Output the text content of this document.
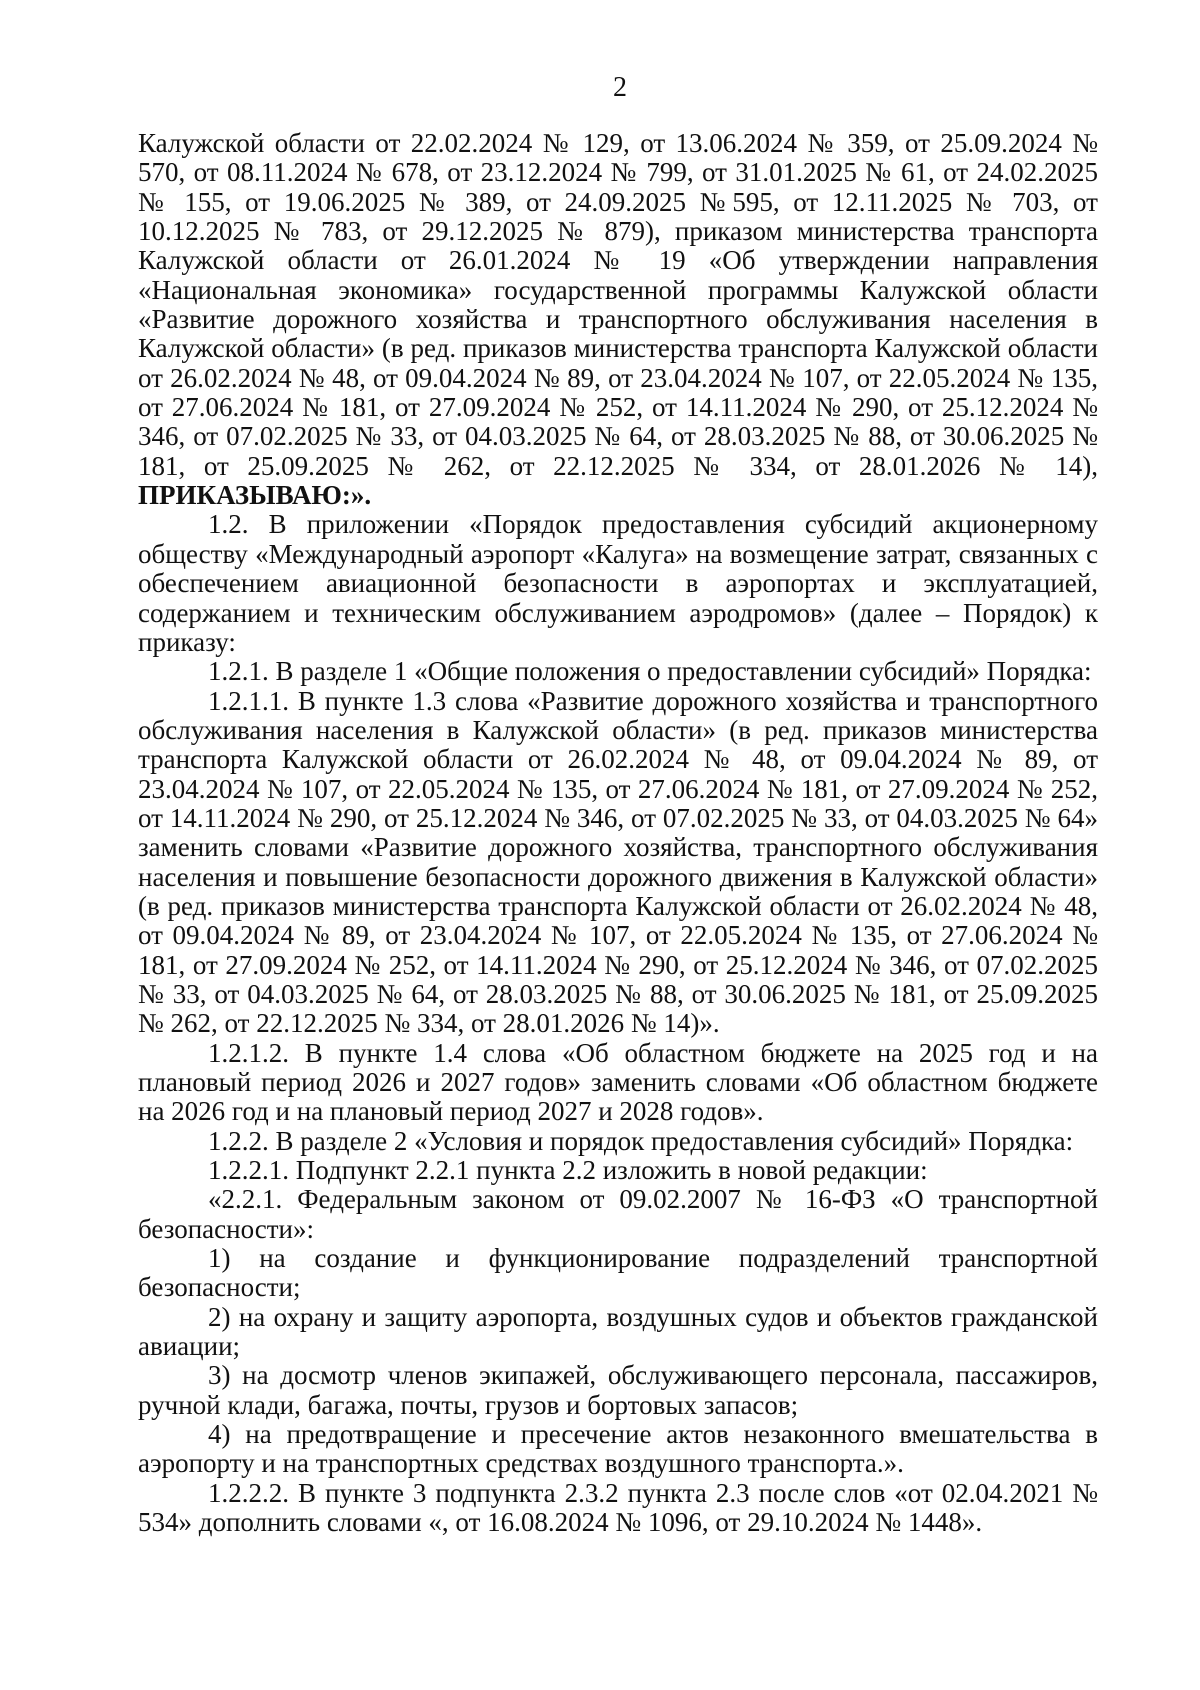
2

Калужской области от 22.02.2024 № 129, от 13.06.2024 № 359, от 25.09.2024 № 570, от 08.11.2024 № 678, от 23.12.2024 № 799, от 31.01.2025 № 61, от 24.02.2025 № 155, от 19.06.2025 № 389, от 24.09.2025 №595, от 12.11.2025 № 703, от 10.12.2025 № 783, от 29.12.2025 № 879), приказом министерства транспорта Калужской области от 26.01.2024 № 19 «Об утверждении направления «Национальная экономика» государственной программы Калужской области «Развитие дорожного хозяйства и транспортного обслуживания населения в Калужской области» (в ред. приказов министерства транспорта Калужской области от 26.02.2024 № 48, от 09.04.2024 № 89, от 23.04.2024 № 107, от 22.05.2024 № 135, от 27.06.2024 № 181, от 27.09.2024 № 252, от 14.11.2024 № 290, от 25.12.2024 № 346, от 07.02.2025 № 33, от 04.03.2025 № 64, от 28.03.2025 № 88, от 30.06.2025 № 181, от 25.09.2025 № 262, от 22.12.2025 № 334, от 28.01.2026 № 14), ПРИКАЗЫВАЮ:».

1.2. В приложении «Порядок предоставления субсидий акционерному обществу «Международный аэропорт «Калуга» на возмещение затрат, связанных с обеспечением авиационной безопасности в аэропортах и эксплуатацией, содержанием и техническим обслуживанием аэродромов» (далее – Порядок) к приказу:

1.2.1. В разделе 1 «Общие положения о предоставлении субсидий» Порядка:

1.2.1.1. В пункте 1.3 слова «Развитие дорожного хозяйства и транспортного обслуживания населения в Калужской области» (в ред. приказов министерства транспорта Калужской области от 26.02.2024 № 48, от 09.04.2024 № 89, от 23.04.2024 № 107, от 22.05.2024 № 135, от 27.06.2024 № 181, от 27.09.2024 № 252, от 14.11.2024 № 290, от 25.12.2024 № 346, от 07.02.2025 № 33, от 04.03.2025 № 64» заменить словами «Развитие дорожного хозяйства, транспортного обслуживания населения и повышение безопасности дорожного движения в Калужской области» (в ред. приказов министерства транспорта Калужской области от 26.02.2024 № 48, от 09.04.2024 № 89, от 23.04.2024 № 107, от 22.05.2024 № 135, от 27.06.2024 № 181, от 27.09.2024 № 252, от 14.11.2024 № 290, от 25.12.2024 № 346, от 07.02.2025 № 33, от 04.03.2025 № 64, от 28.03.2025 № 88, от 30.06.2025 № 181, от 25.09.2025 № 262, от 22.12.2025 № 334, от 28.01.2026 № 14)».

1.2.1.2. В пункте 1.4 слова «Об областном бюджете на 2025 год и на плановый период 2026 и 2027 годов» заменить словами «Об областном бюджете на 2026 год и на плановый период 2027 и 2028 годов».

1.2.2. В разделе 2 «Условия и порядок предоставления субсидий» Порядка:

1.2.2.1. Подпункт 2.2.1 пункта 2.2 изложить в новой редакции:

«2.2.1. Федеральным законом от 09.02.2007 № 16-ФЗ «О транспортной безопасности»:

1) на создание и функционирование подразделений транспортной безопасности;

2) на охрану и защиту аэропорта, воздушных судов и объектов гражданской авиации;

3) на досмотр членов экипажей, обслуживающего персонала, пассажиров, ручной клади, багажа, почты, грузов и бортовых запасов;

4) на предотвращение и пресечение актов незаконного вмешательства в аэропорту и на транспортных средствах воздушного транспорта.».

1.2.2.2. В пункте 3 подпункта 2.3.2 пункта 2.3 после слов «от 02.04.2021 № 534» дополнить словами «, от 16.08.2024 № 1096, от 29.10.2024 № 1448».
